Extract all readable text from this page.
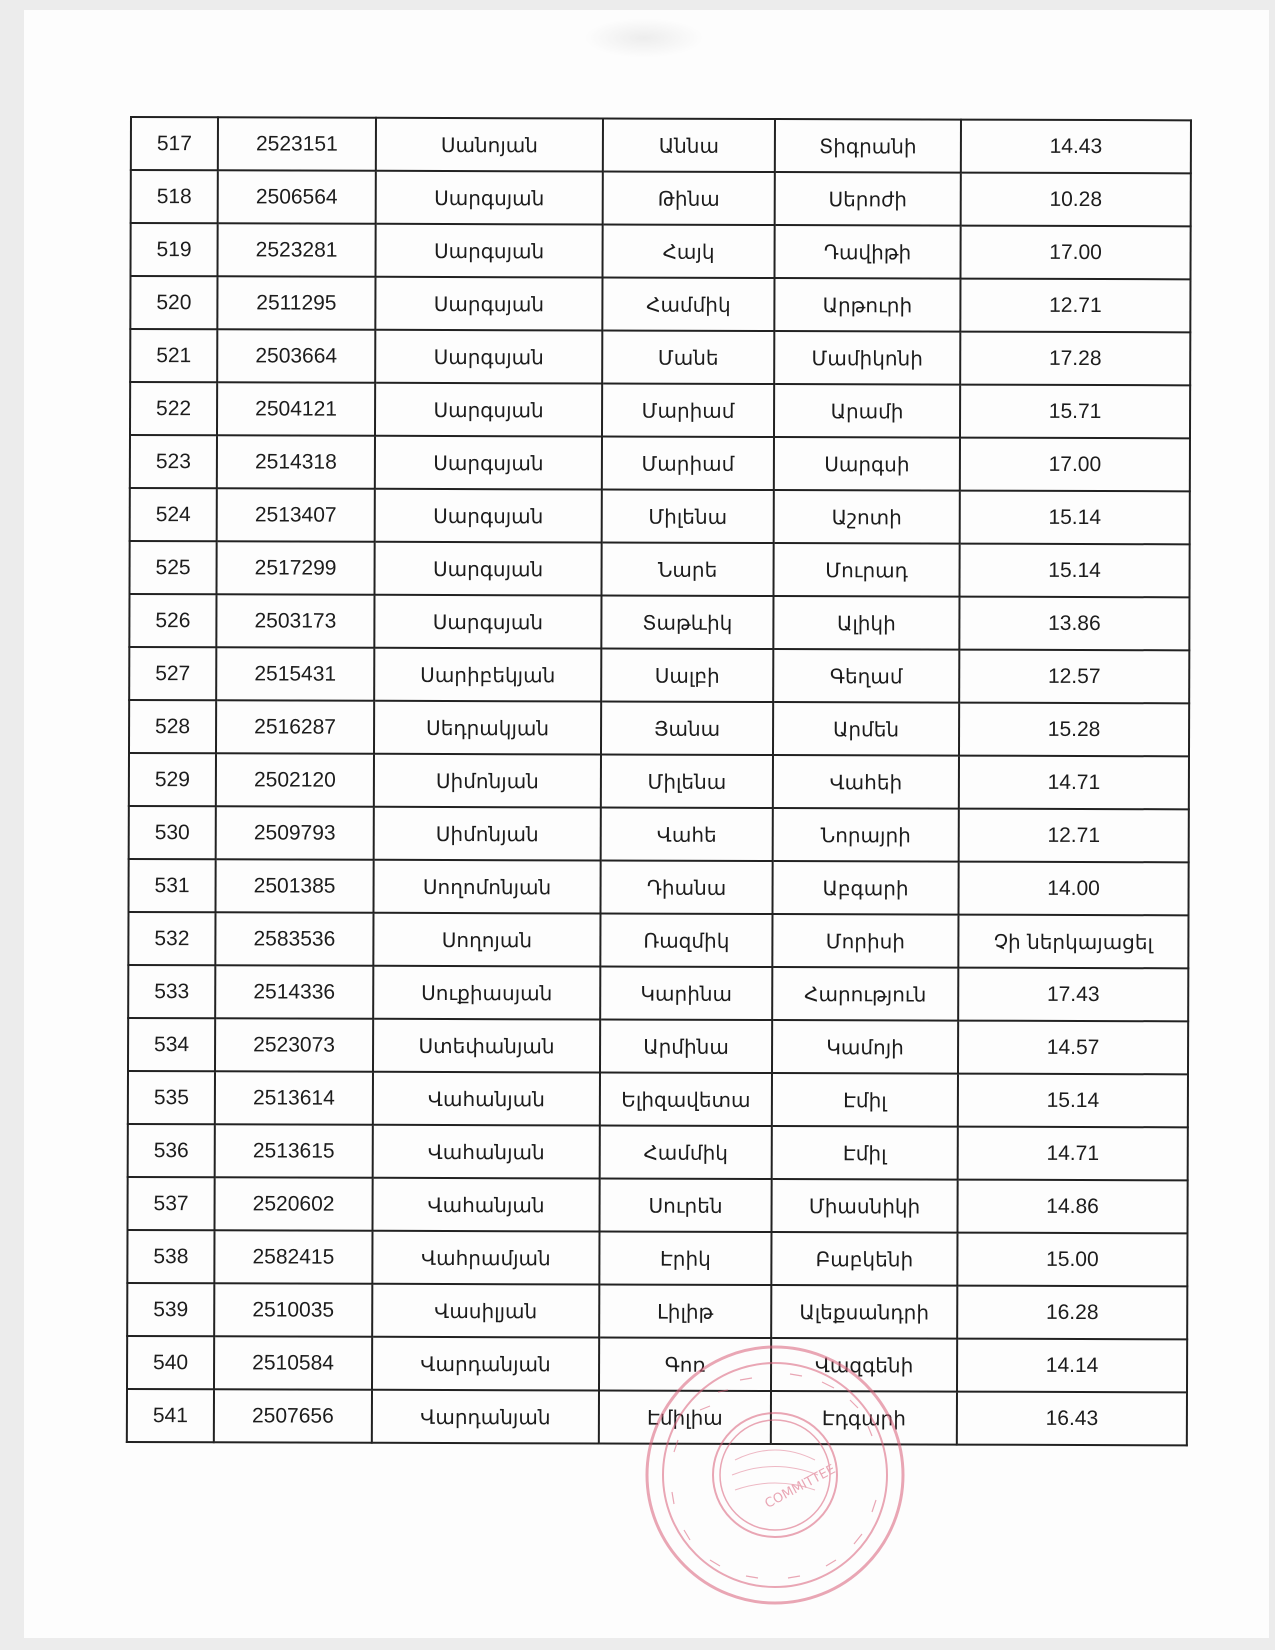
517	2523151	Սանոյան	Աննա	Տիգրանի	14.43
518	2506564	Սարգսյան	Թինա	Սերոժի	10.28
519	2523281	Սարգսյան	Հայկ	Դավիթի	17.00
520	2511295	Սարգսյան	Համմիկ	Արթուրի	12.71
521	2503664	Սարգսյան	Մանե	Մամիկոնի	17.28
522	2504121	Սարգսյան	Մարիամ	Արամի	15.71
523	2514318	Սարգսյան	Մարիամ	Սարգսի	17.00
524	2513407	Սարգսյան	Միլենա	Աշոտի	15.14
525	2517299	Սարգսյան	Նարե	Մուրադ	15.14
526	2503173	Սարգսյան	Տաթևիկ	Ալիկի	13.86
527	2515431	Սարիբեկյան	Սալբի	Գեղամ	12.57
528	2516287	Սեդրակյան	Յանա	Արմեն	15.28
529	2502120	Սիմոնյան	Միլենա	Վահեի	14.71
530	2509793	Սիմոնյան	Վահե	Նորայրի	12.71
531	2501385	Սողոմոնյան	Դիանա	Աբգարի	14.00
532	2583536	Սողոյան	Ռազմիկ	Մորիսի	Չի ներկայացել
533	2514336	Սուքիասյան	Կարինա	Հարություն	17.43
534	2523073	Ստեփանյան	Արմինա	Կամոյի	14.57
535	2513614	Վահանյան	Ելիզավետա	Էմիլ	15.14
536	2513615	Վահանյան	Համմիկ	Էմիլ	14.71
537	2520602	Վահանյան	Սուրեն	Միասնիկի	14.86
538	2582415	Վահրամյան	Էրիկ	Բաբկենի	15.00
539	2510035	Վասիլյան	Լիլիթ	Ալեքսանդրի	16.28
540	2510584	Վարդանյան	Գոռ	Վազգենի	14.14
541	2507656	Վարդանյան	Էմիլիա	Էդգարի	16.43
COMMITTEE
